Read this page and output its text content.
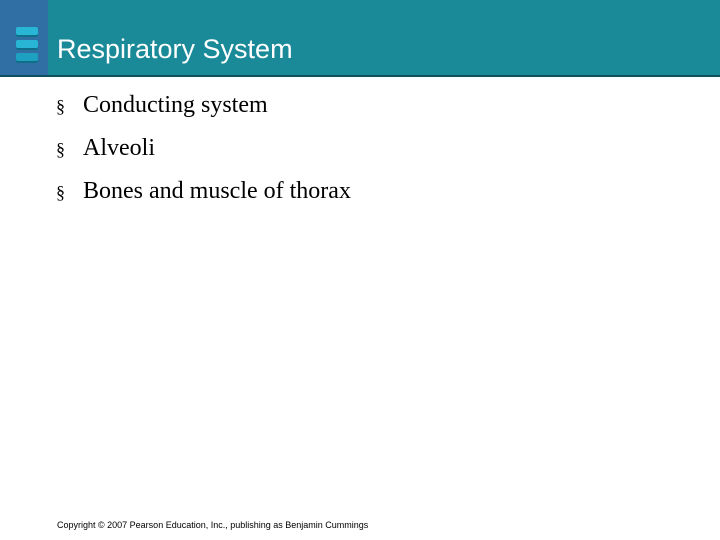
Respiratory System
§ Conducting system
§ Alveoli
§ Bones and muscle of thorax
Copyright © 2007 Pearson Education, Inc., publishing as Benjamin Cummings
